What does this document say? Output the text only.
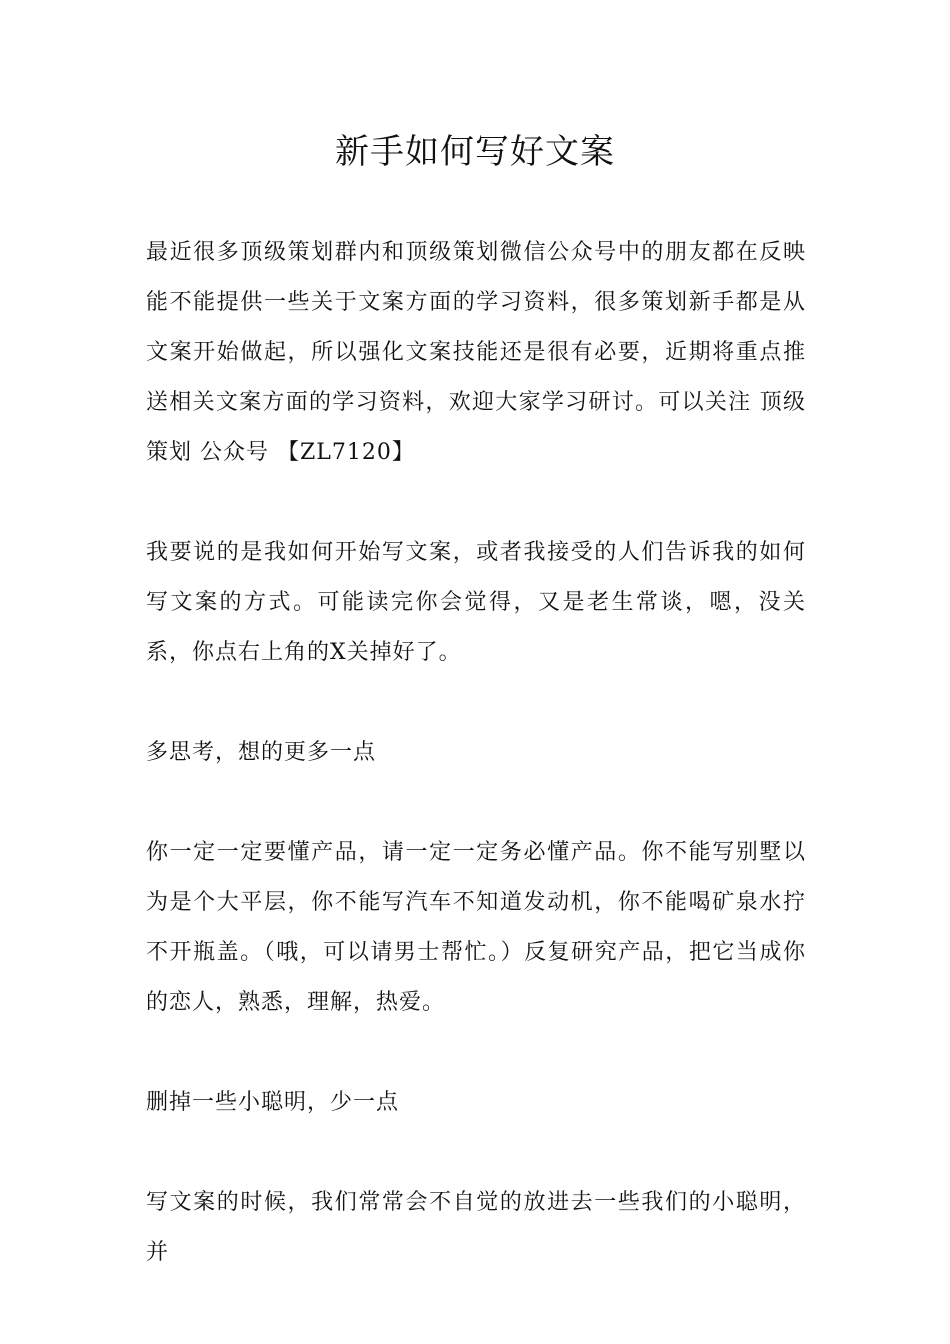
新手如何写好文案

最近很多顶级策划群内和顶级策划微信公众号中的朋友都在反映能不能提供一些关于文案方面的学习资料，很多策划新手都是从文案开始做起，所以强化文案技能还是很有必要，近期将重点推送相关文案方面的学习资料，欢迎大家学习研讨。可以关注 顶级策划 公众号 【ZL7120】

我要说的是我如何开始写文案，或者我接受的人们告诉我的如何写文案的方式。可能读完你会觉得，又是老生常谈，嗯，没关系，你点右上角的X关掉好了。

多思考，想的更多一点

你一定一定要懂产品，请一定一定务必懂产品。你不能写别墅以为是个大平层，你不能写汽车不知道发动机，你不能喝矿泉水拧不开瓶盖。（哦，可以请男士帮忙。）反复研究产品，把它当成你的恋人，熟悉，理解，热爱。

删掉一些小聪明，少一点

写文案的时候，我们常常会不自觉的放进去一些我们的小聪明，并
